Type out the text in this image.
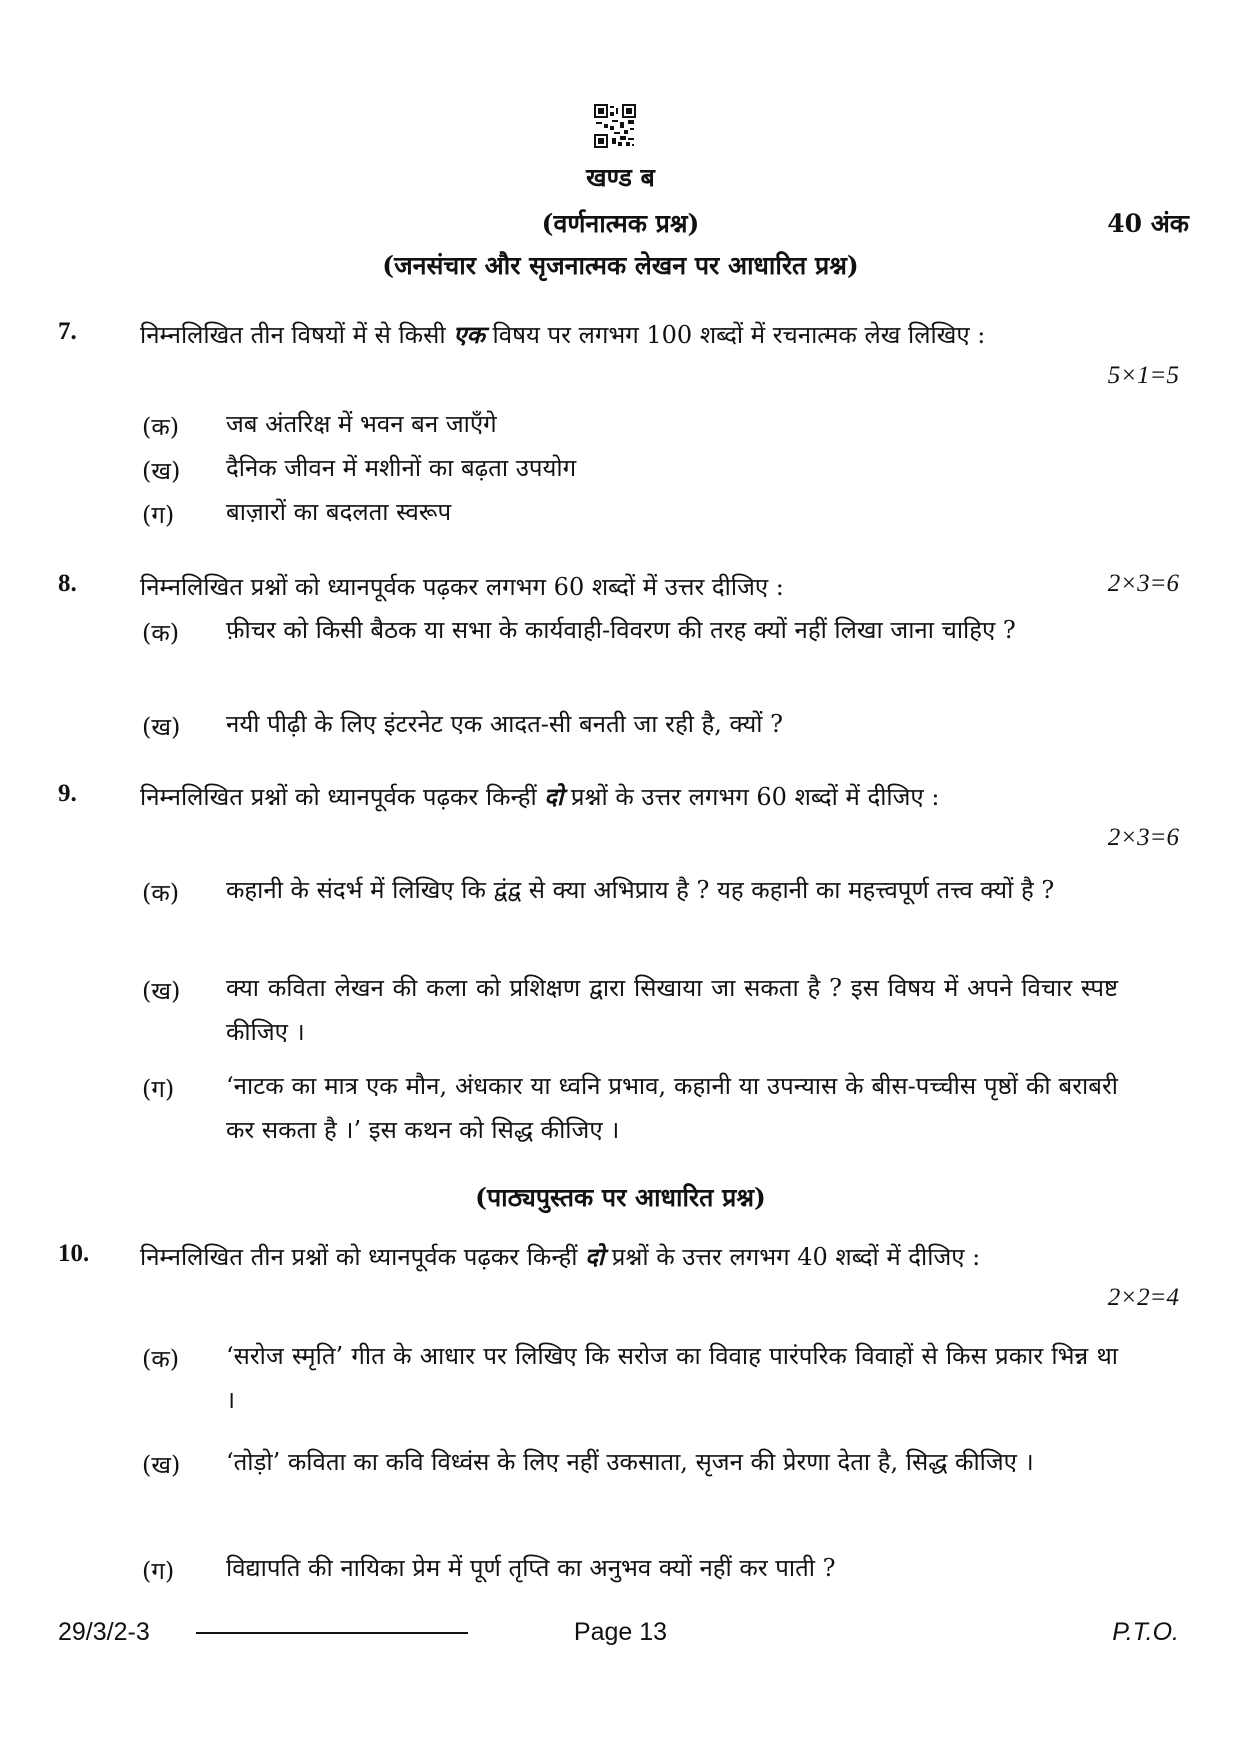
खण्ड ब
(वर्णनात्मक प्रश्न)	40 अंक
(जनसंचार और सृजनात्मक लेखन पर आधारित प्रश्न)
7.	निम्नलिखित तीन विषयों में से किसी एक विषय पर लगभग 100 शब्दों में रचनात्मक लेख लिखिए :
5×1=5
(क) जब अंतरिक्ष में भवन बन जाएँगे
(ख) दैनिक जीवन में मशीनों का बढ़ता उपयोग
(ग) बाज़ारों का बदलता स्वरूप
8.	निम्नलिखित प्रश्नों को ध्यानपूर्वक पढ़कर लगभग 60 शब्दों में उत्तर दीजिए :	2×3=6
(क) फ़ीचर को किसी बैठक या सभा के कार्यवाही-विवरण की तरह क्यों नहीं लिखा जाना चाहिए ?
(ख) नयी पीढ़ी के लिए इंटरनेट एक आदत-सी बनती जा रही है, क्यों ?
9.	निम्नलिखित प्रश्नों को ध्यानपूर्वक पढ़कर किन्हीं दो प्रश्नों के उत्तर लगभग 60 शब्दों में दीजिए :
2×3=6
(क) कहानी के संदर्भ में लिखिए कि द्वंद्व से क्या अभिप्राय है ? यह कहानी का महत्त्वपूर्ण तत्त्व क्यों है ?
(ख) क्या कविता लेखन की कला को प्रशिक्षण द्वारा सिखाया जा सकता है ? इस विषय में अपने विचार स्पष्ट कीजिए ।
(ग) ‘नाटक का मात्र एक मौन, अंधकार या ध्वनि प्रभाव, कहानी या उपन्यास के बीस-पच्चीस पृष्ठों की बराबरी कर सकता है ।’ इस कथन को सिद्ध कीजिए ।
(पाठ्यपुस्तक पर आधारित प्रश्न)
10. निम्नलिखित तीन प्रश्नों को ध्यानपूर्वक पढ़कर किन्हीं दो प्रश्नों के उत्तर लगभग 40 शब्दों में दीजिए :
2×2=4
(क) ‘सरोज स्मृति’ गीत के आधार पर लिखिए कि सरोज का विवाह पारंपरिक विवाहों से किस प्रकार भिन्न था ।
(ख) ‘तोड़ो’ कविता का कवि विध्वंस के लिए नहीं उकसाता, सृजन की प्रेरणा देता है, सिद्ध कीजिए ।
(ग) विद्यापति की नायिका प्रेम में पूर्ण तृप्ति का अनुभव क्यों नहीं कर पाती ?
29/3/2-3	Page 13	P.T.O.
